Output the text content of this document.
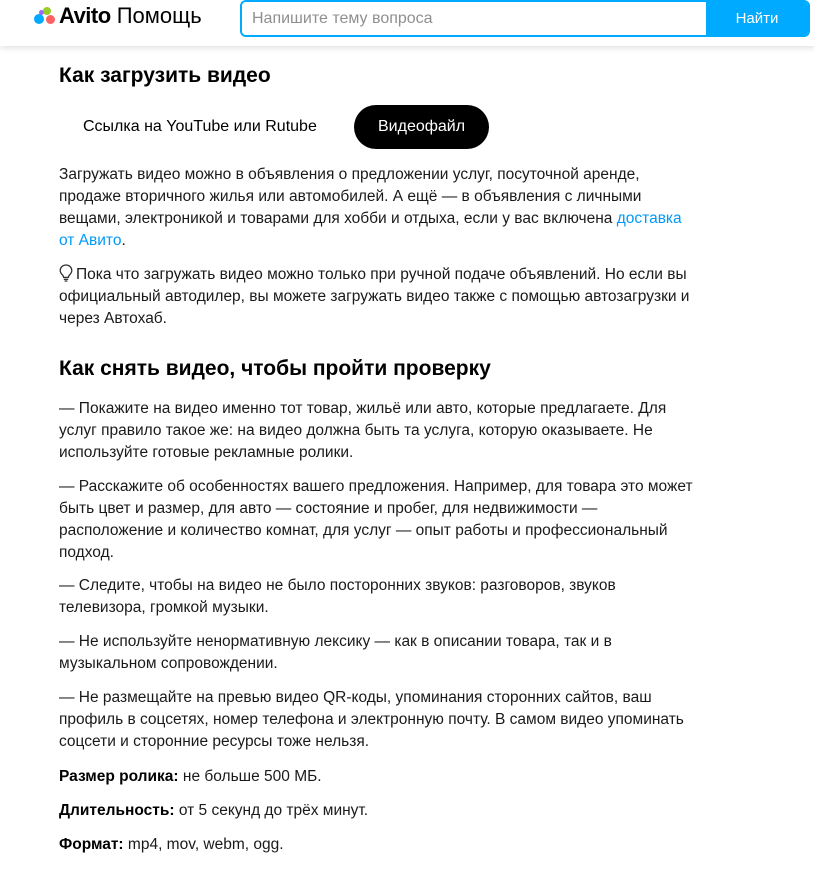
Avito Помощь
Напишите тему вопроса	Найти
Как загрузить видео
Ссылка на YouTube или Rutube	Видеофайл

Загружать видео можно в объявления о предложении услуг, посуточной аренде, продаже вторичного жилья или автомобилей. А ещё — в объявления с личными вещами, электроникой и товарами для хобби и отдыха, если у вас включена доставка от Авито.

Пока что загружать видео можно только при ручной подаче объявлений. Но если вы официальный автодилер, вы можете загружать видео также с помощью автозагрузки и через Автохаб.

Как снять видео, чтобы пройти проверку

— Покажите на видео именно тот товар, жильё или авто, которые предлагаете. Для услуг правило такое же: на видео должна быть та услуга, которую оказываете. Не используйте готовые рекламные ролики.

— Расскажите об особенностях вашего предложения. Например, для товара это может быть цвет и размер, для авто — состояние и пробег, для недвижимости — расположение и количество комнат, для услуг — опыт работы и профессиональный подход.

— Следите, чтобы на видео не было посторонних звуков: разговоров, звуков телевизора, громкой музыки.

— Не используйте ненормативную лексику — как в описании товара, так и в музыкальном сопровождении.

— Не размещайте на превью видео QR-коды, упоминания сторонних сайтов, ваш профиль в соцсетях, номер телефона и электронную почту. В самом видео упоминать соцсети и сторонние ресурсы тоже нельзя.

Размер ролика: не больше 500 МБ.

Длительность: от 5 секунд до трёх минут.

Формат: mp4, mov, webm, ogg.
